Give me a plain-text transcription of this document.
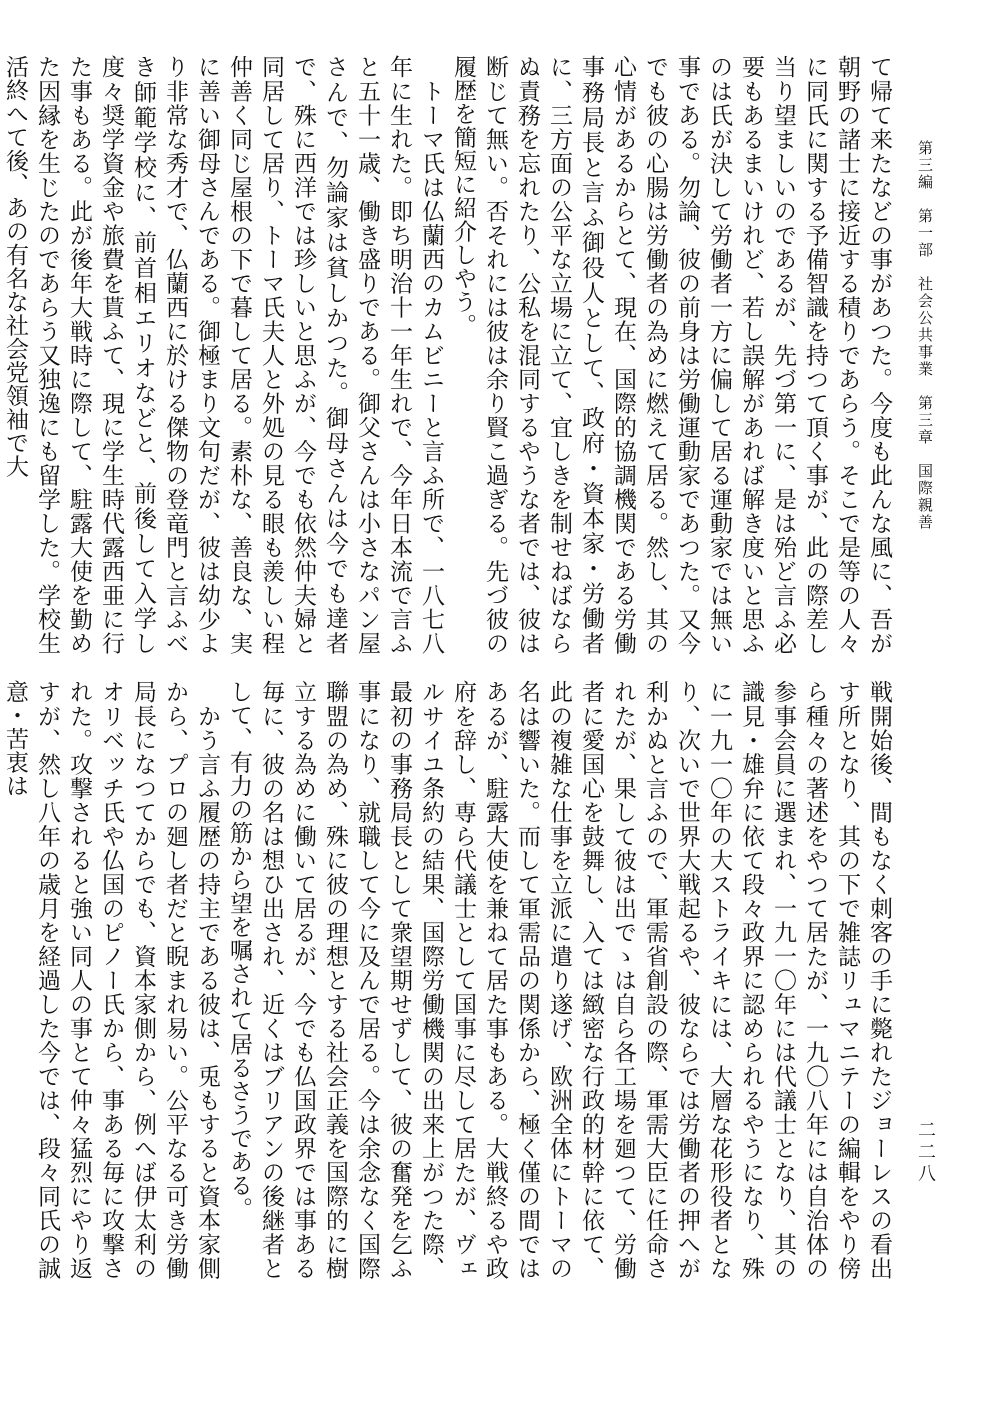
第三編　第一部　社会公共事業　第三章　国際親善
二二八

て帰て来たなどの事があつた。今度も此んな風に、吾が朝野の諸士に接近する積りであらう。そこで是等の人々に同氏に関する予備智識を持つて頂く事が、此の際差し当り望ましいのであるが、先づ第一に、是は殆ど言ふ必要もあるまいけれど、若し誤解があれば解き度いと思ふのは氏が決して労働者一方に偏して居る運動家では無い事である。勿論、彼の前身は労働運動家であつた。又今でも彼の心腸は労働者の為めに燃えて居る。然し、其の心情があるからとて、現在、国際的協調機関である労働事務局長と言ふ御役人として、政府・資本家・労働者に、三方面の公平な立場に立て、宜しきを制せねばならぬ責務を忘れたり、公私を混同するやうな者では、彼は断じて無い。否それには彼は余り賢こ過ぎる。先づ彼の履歴を簡短に紹介しやう。

　トーマ氏は仏蘭西のカムビニーと言ふ所で、一八七八年に生れた。即ち明治十一年生れで、今年日本流で言ふと五十一歳、働き盛りである。御父さんは小さなパン屋さんで、勿論家は貧しかつた。御母さんは今でも達者で、殊に西洋では珍しいと思ふが、今でも依然仲夫婦と同居して居り、トーマ氏夫人と外処の見る眼も羨しい程仲善く同じ屋根の下で暮して居る。素朴な、善良な、実に善い御母さんである。御極まり文句だが、彼は幼少より非常な秀才で、仏蘭西に於ける傑物の登竜門と言ふべき師範学校に、前首相エリオなどと、前後して入学し度々奨学資金や旅費を貰ふて、現に学生時代露西亜に行た事もある。此が後年大戦時に際して、駐露大使を勤めた因縁を生じたのであらう又独逸にも留学した。学校生活終へて後、あの有名な社会党領袖で大

戦開始後、間もなく刺客の手に斃れたジョーレスの看出す所となり、其の下で雑誌リュマニテーの編輯をやり傍ら種々の著述をやつて居たが、一九〇八年には自治体の参事会員に選まれ、一九一〇年には代議士となり、其の識見・雄弁に依て段々政界に認められるやうになり、殊に一九一〇年の大ストライキには、大層な花形役者となり、次いで世界大戦起るや、彼ならでは労働者の押へが利かぬと言ふので、軍需省創設の際、軍需大臣に任命されたが、果して彼は出でゝは自ら各工場を廻つて、労働者に愛国心を鼓舞し、入ては緻密な行政的材幹に依て、此の複雑な仕事を立派に遣り遂げ、欧洲全体にトーマの名は響いた。而して軍需品の関係から、極く僅の間ではあるが、駐露大使を兼ねて居た事もある。大戦終るや政府を辞し、専ら代議士として国事に尽して居たが、ヴェルサイユ条約の結果、国際労働機関の出来上がつた際、最初の事務局長として衆望期せずして、彼の奮発を乞ふ事になり、就職して今に及んで居る。今は余念なく国際聯盟の為め、殊に彼の理想とする社会正義を国際的に樹立する為めに働いて居るが、今でも仏国政界では事ある毎に、彼の名は想ひ出され、近くはブリアンの後継者として、有力の筋から望を嘱されて居るさうである。

　かう言ふ履歴の持主である彼は、兎もすると資本家側から、プロの廻し者だと睨まれ易い。公平なる可き労働局長になつてからでも、資本家側から、例へば伊太利のオリベッチ氏や仏国のピノー氏から、事ある毎に攻撃された。攻撃されると強い同人の事とて仲々猛烈にやり返すが、然し八年の歳月を経過した今では、段々同氏の誠意・苦衷は
